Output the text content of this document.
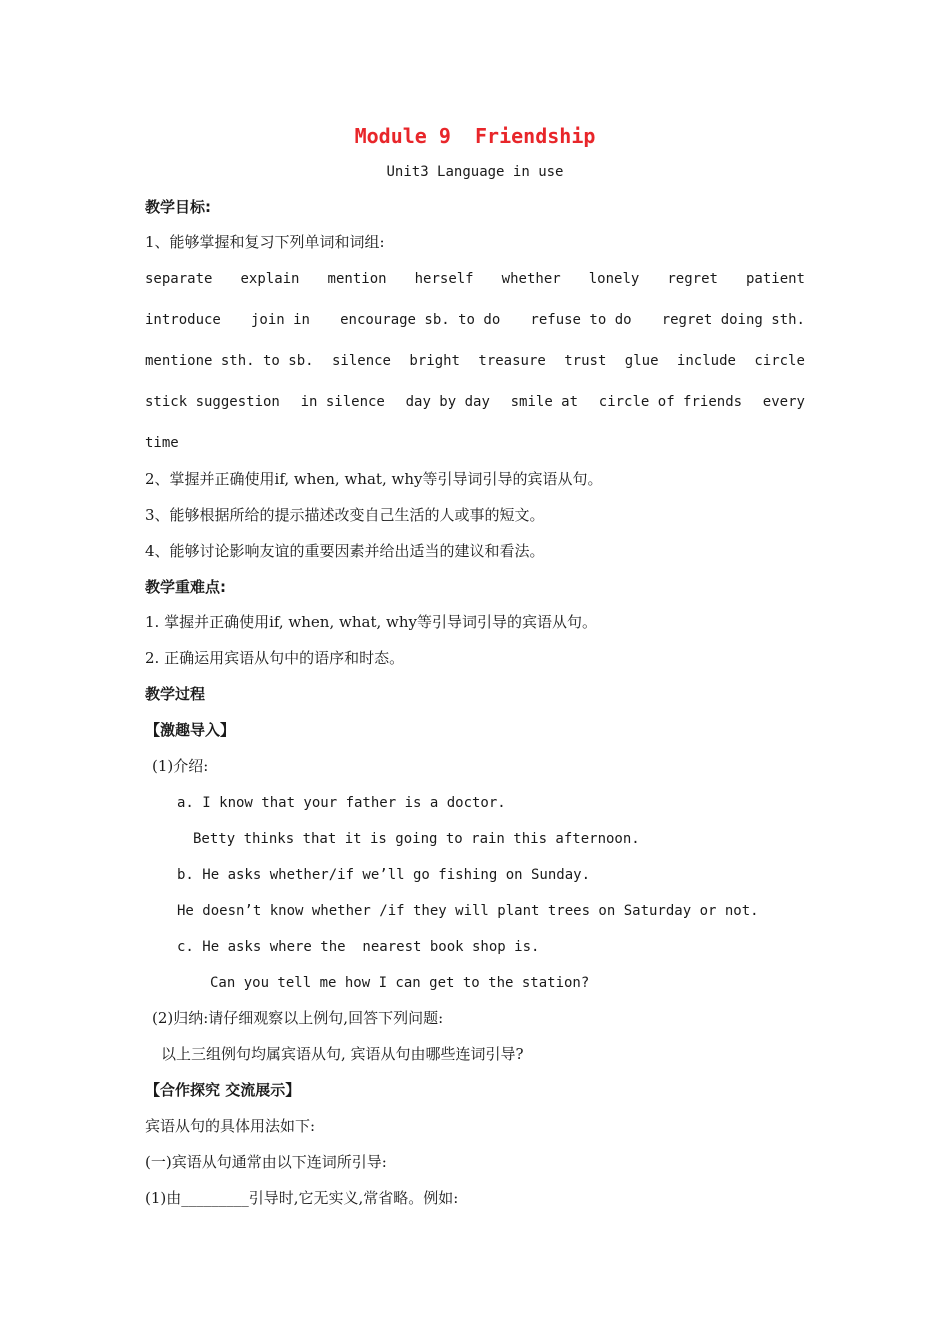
Module 9  Friendship
Unit3 Language in use
教学目标:
1、能够掌握和复习下列单词和词组:
separate explain mention herself whether lonely regret patient
introduce join in encourage sb. to do refuse to do regret doing sth.
mentione sth. to sb. silence bright treasure trust glue include circle
stick suggestion in silence day by day smile at circle of friends every
time
2、掌握并正确使用if, when, what, why等引导词引导的宾语从句。
3、能够根据所给的提示描述改变自己生活的人或事的短文。
4、能够讨论影响友谊的重要因素并给出适当的建议和看法。
教学重难点:
1. 掌握并正确使用if, when, what, why等引导词引导的宾语从句。
2. 正确运用宾语从句中的语序和时态。
教学过程
【激趣导入】
(1)介绍:
a. I know that your father is a doctor.
Betty thinks that it is going to rain this afternoon.
b. He asks whether/if we’ll go fishing on Sunday.
He doesn’t know whether /if they will plant trees on Saturday or not.
c. He asks where the  nearest book shop is.
Can you tell me how I can get to the station?
(2)归纳:请仔细观察以上例句,回答下列问题:
以上三组例句均属宾语从句, 宾语从句由哪些连词引导?
【合作探究 交流展示】
宾语从句的具体用法如下:
(一)宾语从句通常由以下连词所引导:
(1)由_________引导时,它无实义,常省略。例如:
